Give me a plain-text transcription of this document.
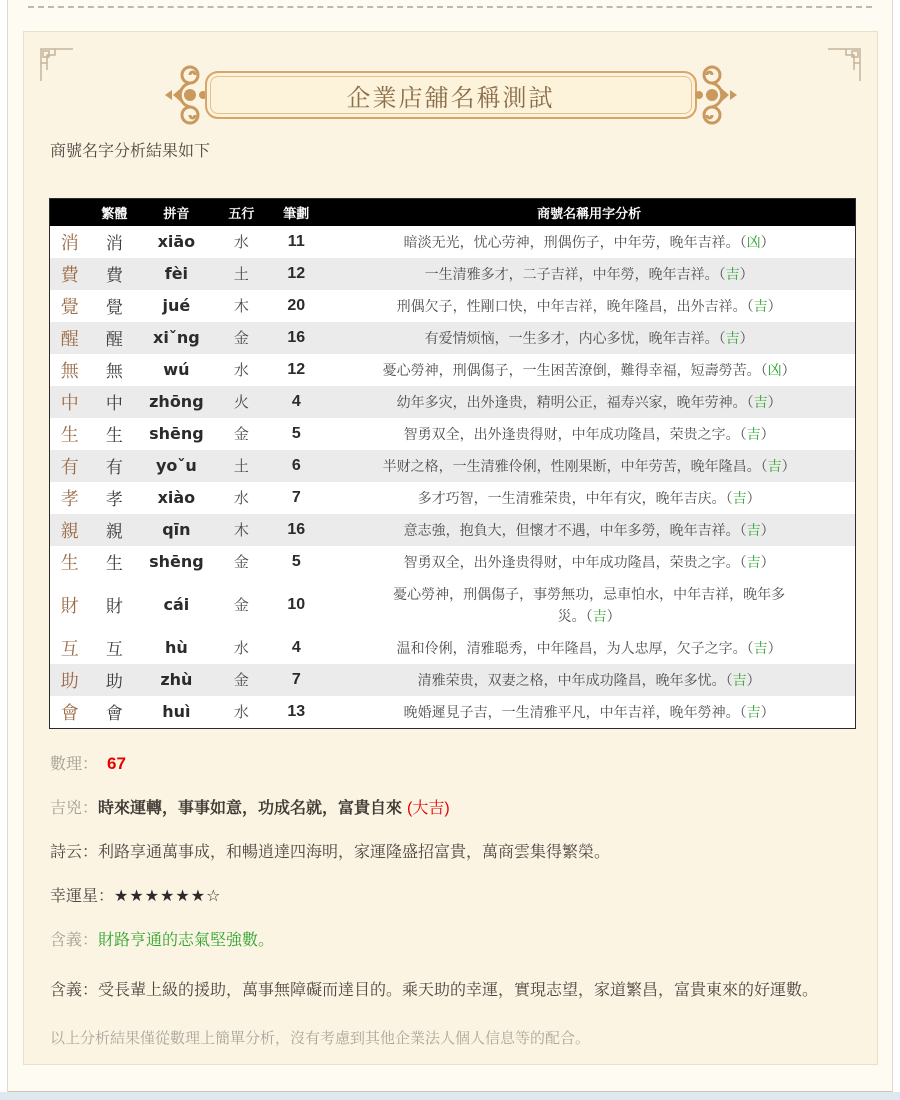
企業店舖名稱測試

商號名字分析結果如下

	繁體	拼音	五行	筆劃	商號名稱用字分析
消	消	xiāo	水	11	暗淡无光，忧心劳神，刑偶伤子，中年劳，晚年吉祥。（凶）
費	費	fèi	土	12	一生清雅多才，二子吉祥，中年勞，晚年吉祥。（吉）
覺	覺	jué	木	20	刑偶欠子，性剛口快，中年吉祥，晚年隆昌，出外吉祥。（吉）
醒	醒	xiˇng	金	16	有爱情烦恼，一生多才，内心多忧，晚年吉祥。（吉）
無	無	wú	水	12	憂心勞神，刑偶傷子，一生困苦潦倒，難得幸福，短壽勞苦。（凶）
中	中	zhōng	火	4	幼年多灾，出外逢贵，精明公正，福寿兴家，晚年劳神。（吉）
生	生	shēng	金	5	智勇双全，出外逢贵得财，中年成功隆昌，荣贵之字。（吉）
有	有	yoˇu	土	6	半财之格，一生清雅伶俐，性刚果断，中年劳苦，晚年隆昌。（吉）
孝	孝	xiào	水	7	多才巧智，一生清雅荣贵，中年有灾，晚年吉庆。（吉）
親	親	qīn	木	16	意志強，抱負大，但懷才不遇，中年多勞，晚年吉祥。（吉）
生	生	shēng	金	5	智勇双全，出外逢贵得财，中年成功隆昌，荣贵之字。（吉）
財	財	cái	金	10	憂心勞神，刑偶傷子，事勞無功，忌車怕水，中年吉祥，晚年多
災。（吉）
互	互	hù	水	4	温和伶俐，清雅聪秀，中年隆昌，为人忠厚，欠子之字。（吉）
助	助	zhù	金	7	清雅荣贵，双妻之格，中年成功隆昌，晚年多忧。（吉）
會	會	huì	水	13	晚婚遲見子吉，一生清雅平凡，中年吉祥，晚年勞神。（吉）

數理： 67

吉兇：時來運轉，事事如意，功成名就，富貴自來 (大吉)

詩云：利路享通萬事成，和暢逍達四海明，家運隆盛招富貴，萬商雲集得繁榮。

幸運星：★★★★★★☆

含義：財路亨通的志氣堅強數。

含義：受長輩上級的援助，萬事無障礙而達目的。乘天助的幸運，實現志望，家道繁昌，富貴東來的好運數。

以上分析結果僅從數理上簡單分析，沒有考慮到其他企業法人個人信息等的配合。
